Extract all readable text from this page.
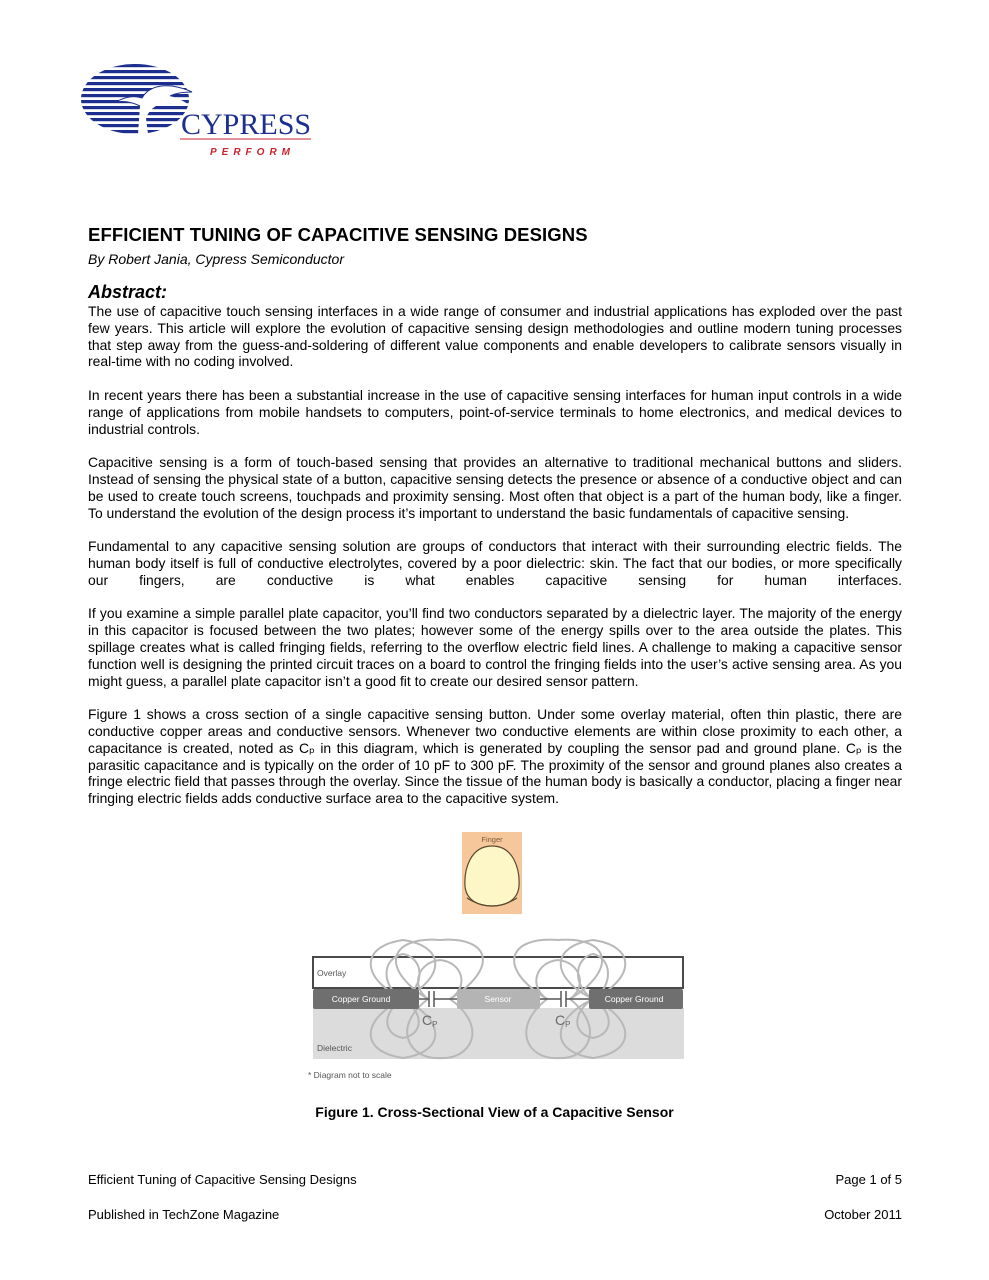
CYPRESS
PERFORM
EFFICIENT TUNING OF CAPACITIVE SENSING DESIGNS
By Robert Jania, Cypress Semiconductor
Abstract:

The use of capacitive touch sensing interfaces in a wide range of consumer and industrial applications has exploded over the past few years. This article will explore the evolution of capacitive sensing design methodologies and outline modern tuning processes that step away from the guess-and-soldering of different value components and enable developers to calibrate sensors visually in real-time with no coding involved.

In recent years there has been a substantial increase in the use of capacitive sensing interfaces for human input controls in a wide range of applications from mobile handsets to computers, point-of-service terminals to home electronics, and medical devices to industrial controls.

Capacitive sensing is a form of touch-based sensing that provides an alternative to traditional mechanical buttons and sliders. Instead of sensing the physical state of a button, capacitive sensing detects the presence or absence of a conductive object and can be used to create touch screens, touchpads and proximity sensing. Most often that object is a part of the human body, like a finger. To understand the evolution of the design process it’s important to understand the basic fundamentals of capacitive sensing.

Fundamental to any capacitive sensing solution are groups of conductors that interact with their surrounding electric fields. The human body itself is full of conductive electrolytes, covered by a poor dielectric: skin. The fact that our bodies, or more specifically our fingers, are conductive is what enables capacitive sensing for human interfaces.

If you examine a simple parallel plate capacitor, you’ll find two conductors separated by a dielectric layer. The majority of the energy in this capacitor is focused between the two plates; however some of the energy spills over to the area outside the plates. This spillage creates what is called fringing fields, referring to the overflow electric field lines. A challenge to making a capacitive sensor function well is designing the printed circuit traces on a board to control the fringing fields into the user’s active sensing area. As you might guess, a parallel plate capacitor isn’t a good fit to create our desired sensor pattern.

Figure 1 shows a cross section of a single capacitive sensing button. Under some overlay material, often thin plastic, there are conductive copper areas and conductive sensors. Whenever two conductive elements are within close proximity to each other, a capacitance is created, noted as Cₚ in this diagram, which is generated by coupling the sensor pad and ground plane. Cₚ is the parasitic capacitance and is typically on the order of 10 pF to 300 pF. The proximity of the sensor and ground planes also creates a fringe electric field that passes through the overlay. Since the tissue of the human body is basically a conductor, placing a finger near fringing electric fields adds conductive surface area to the capacitive system.

Finger
Dielectric
Overlay
Copper Ground	Sensor	Copper Ground
CP	CP
* Diagram not to scale
Figure 1. Cross-Sectional View of a Capacitive Sensor
Efficient Tuning of Capacitive Sensing Designs	Page 1 of 5
Published in TechZone Magazine	October 2011
